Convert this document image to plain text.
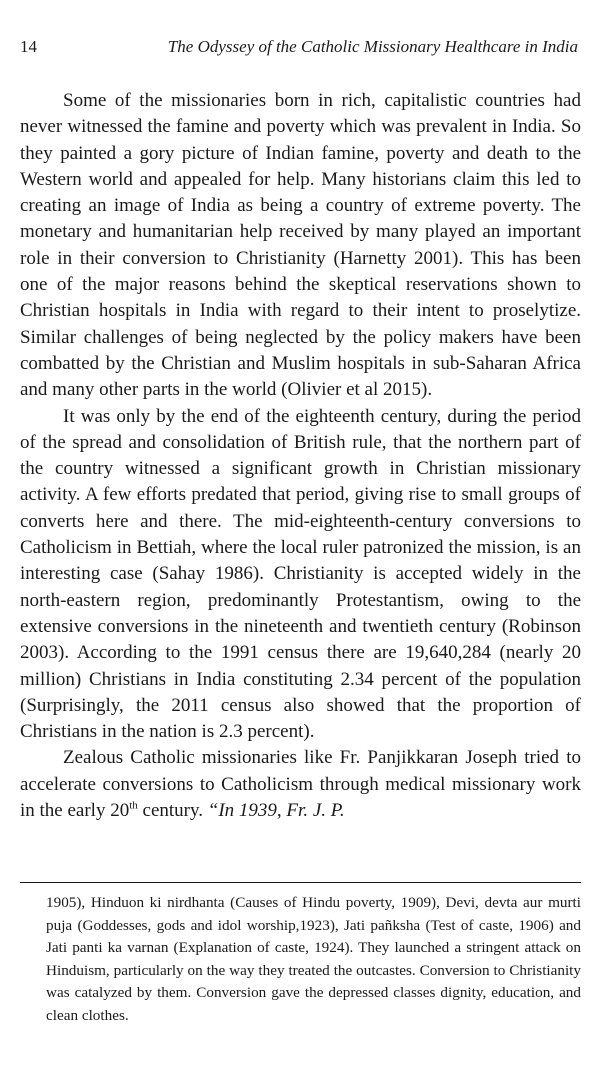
14	The Odyssey of the Catholic Missionary Healthcare in India

Some of the missionaries born in rich, capitalistic countries had never witnessed the famine and poverty which was prevalent in India. So they painted a gory picture of Indian famine, poverty and death to the Western world and appealed for help. Many historians claim this led to creating an image of India as being a country of extreme poverty. The monetary and humanitarian help received by many played an important role in their conversion to Christianity (Harnetty 2001). This has been one of the major reasons behind the skeptical reservations shown to Christian hospitals in India with regard to their intent to proselytize. Similar challenges of being neglected by the policy makers have been combatted by the Christian and Muslim hospitals in sub-Saharan Africa and many other parts in the world (Olivier et al 2015).

It was only by the end of the eighteenth century, during the period of the spread and consolidation of British rule, that the northern part of the country witnessed a significant growth in Christian missionary activity. A few efforts predated that period, giving rise to small groups of converts here and there. The mid-eighteenth-century conversions to Catholicism in Bettiah, where the local ruler patronized the mission, is an interesting case (Sahay 1986). Christianity is accepted widely in the north-eastern region, predominantly Protestantism, owing to the extensive conversions in the nineteenth and twentieth century (Robinson 2003). According to the 1991 census there are 19,640,284 (nearly 20 million) Christians in India constituting 2.34 percent of the population (Surprisingly, the 2011 census also showed that the proportion of Christians in the nation is 2.3 percent).

Zealous Catholic missionaries like Fr. Panjikkaran Joseph tried to accelerate conversions to Catholicism through medical missionary work in the early 20th century. “In 1939, Fr. J. P.

1905), Hinduon ki nirdhanta (Causes of Hindu poverty, 1909), Devi, devta aur murti puja (Goddesses, gods and idol worship,1923), Jati pañksha (Test of caste, 1906) and Jati panti ka varnan (Explanation of caste, 1924). They launched a stringent attack on Hinduism, particularly on the way they treated the outcastes. Conversion to Christianity was catalyzed by them. Conversion gave the depressed classes dignity, education, and clean clothes.
